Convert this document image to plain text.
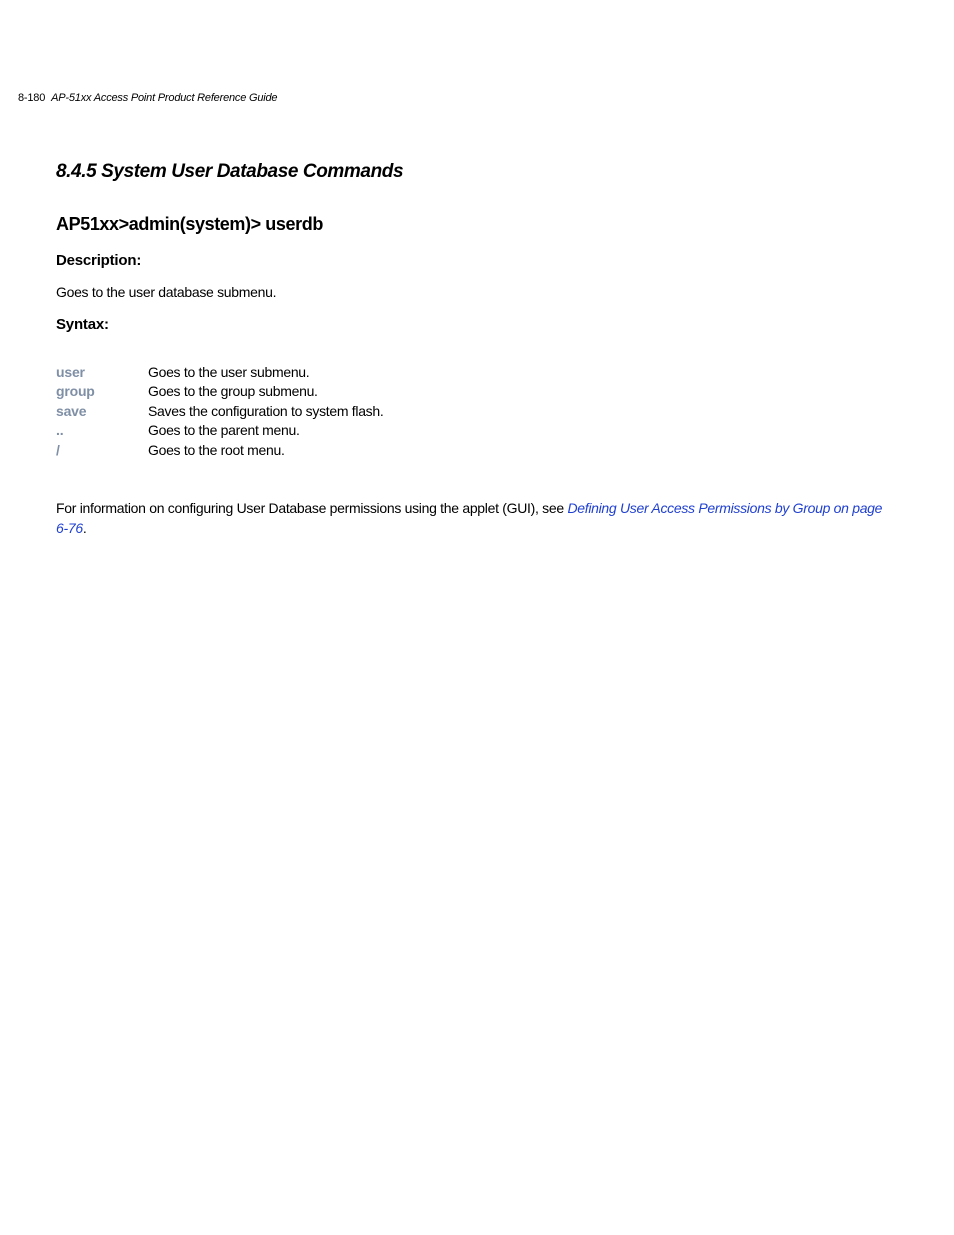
8-180 AP-51xx Access Point Product Reference Guide
8.4.5 System User Database Commands
AP51xx>admin(system)> userdb
Description:
Goes to the user database submenu.
Syntax:
user	Goes to the user submenu.
group	Goes to the group submenu.
save	Saves the configuration to system flash.
..	Goes to the parent menu.
/	Goes to the root menu.

For information on configuring User Database permissions using the applet (GUI), see Defining User Access Permissions by Group on page 6-76.
